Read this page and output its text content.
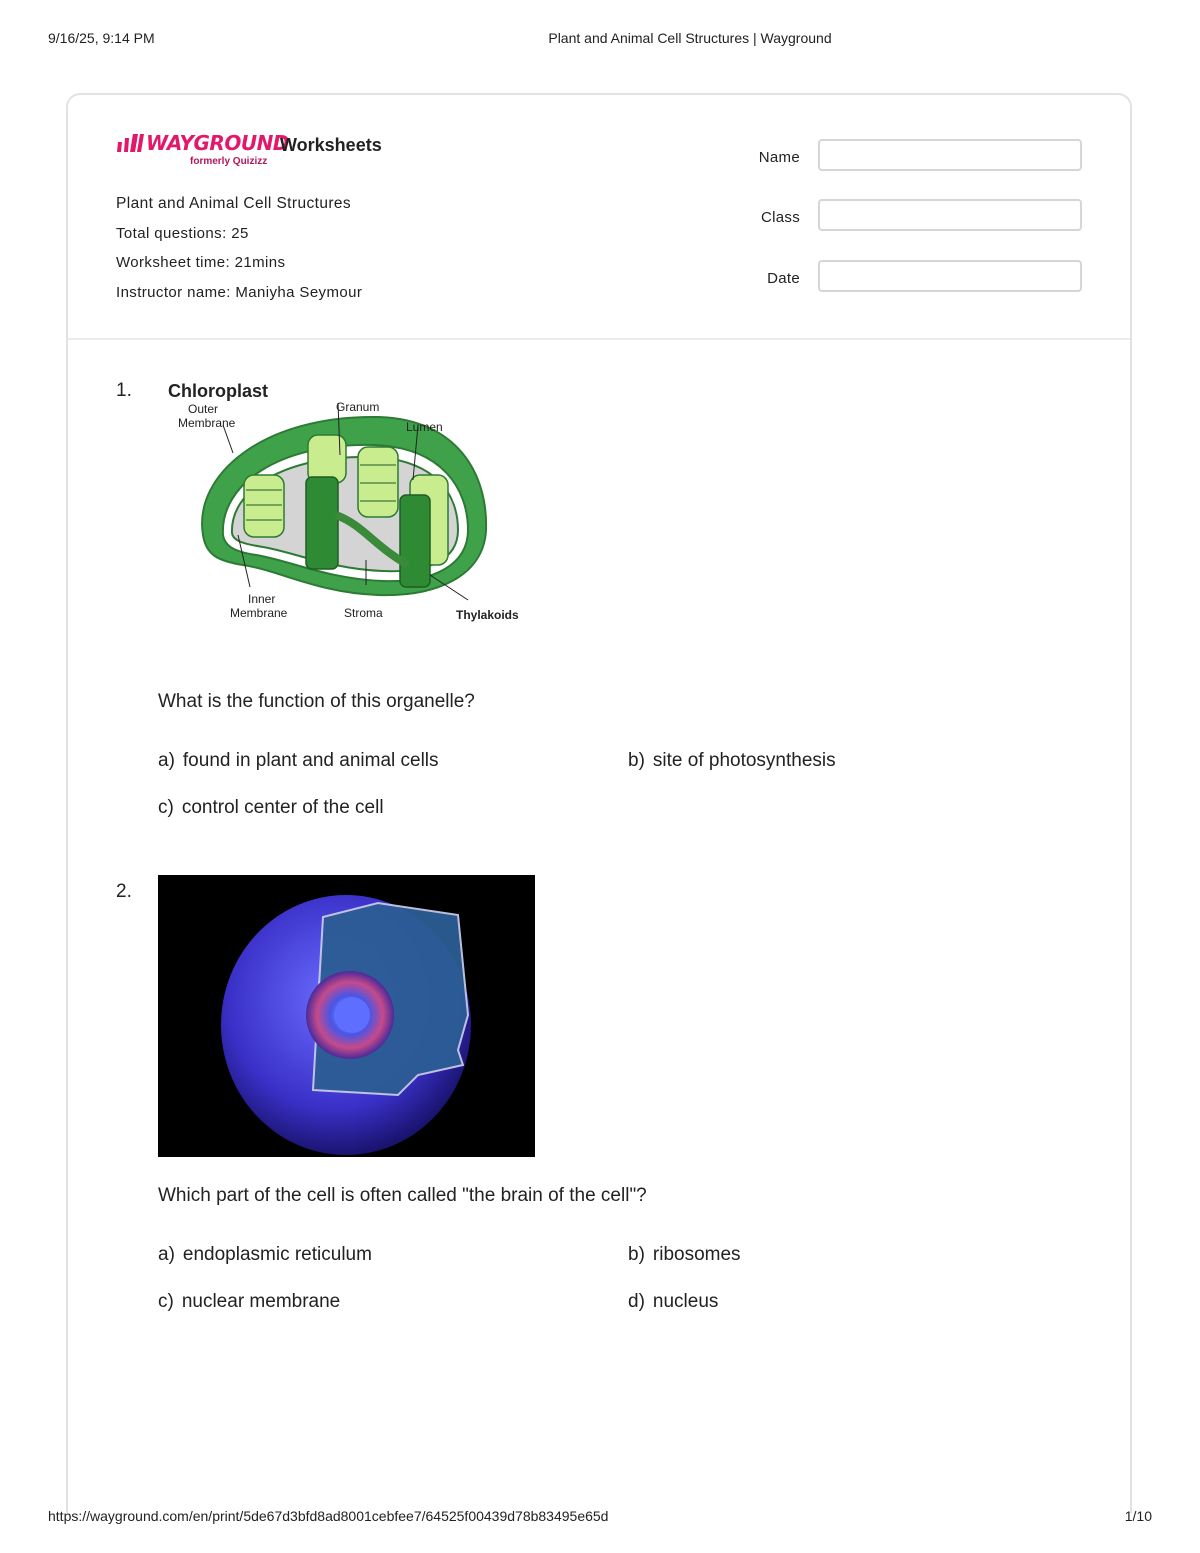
9/16/25, 9:14 PM	Plant and Animal Cell Structures | Wayground
WAYGROUND
formerly Quizizz
Worksheets
Plant and Animal Cell Structures
Total questions: 25
Worksheet time: 21mins
Instructor name: Maniyha Seymour
Name
Class
Date
1. Chloroplast
Outer
Membrane
Granum
Lumen
Inner
Membrane	Stroma	Thylakoids
What is the function of this organelle?
a) found in plant and animal cells	b) site of photosynthesis
c) control center of the cell
2.
Which part of the cell is often called "the brain of the cell"?
a) endoplasmic reticulum	b) ribosomes
c) nuclear membrane	d) nucleus
https://wayground.com/en/print/5de67d3bfd8ad8001cebfee7/64525f00439d78b83495e65d	1/10
